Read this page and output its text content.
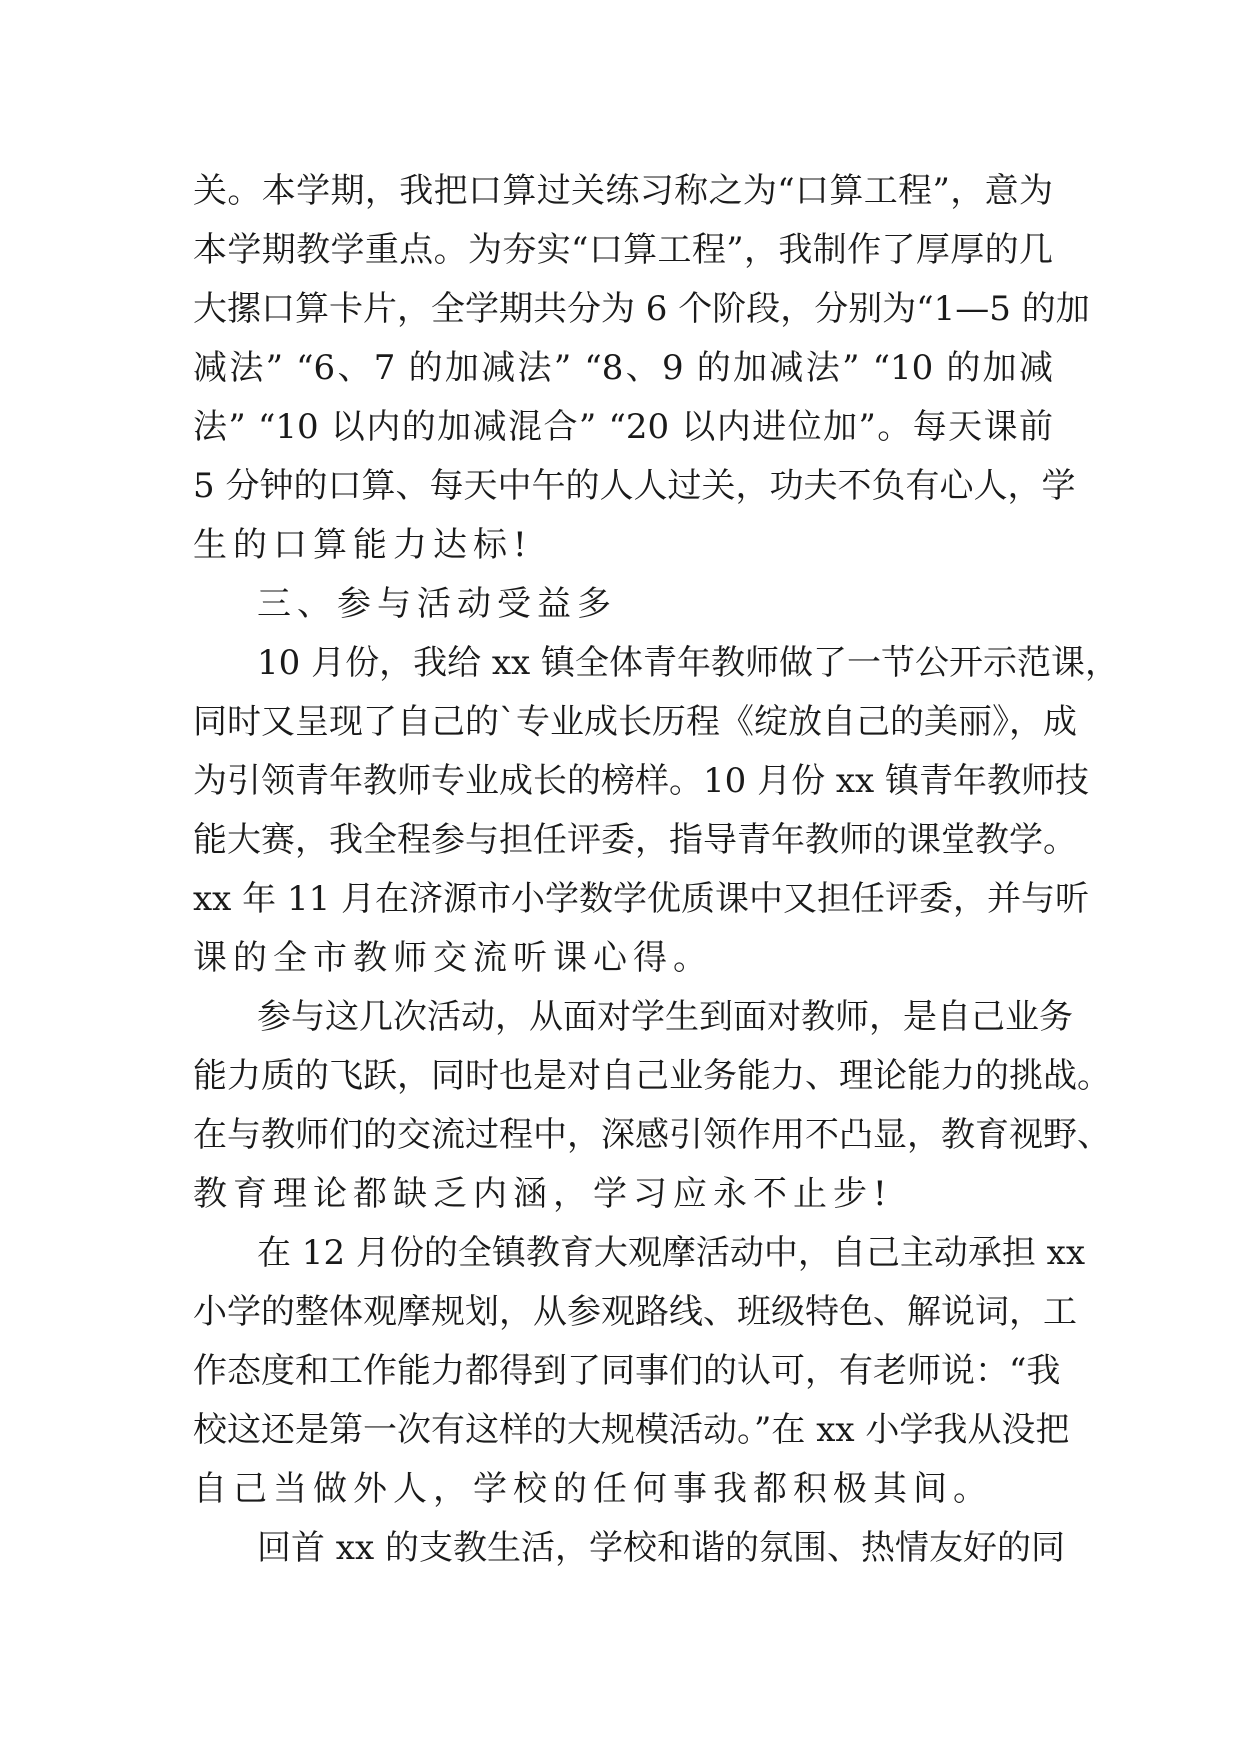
关。本学期，我把口算过关练习称之为“口算工程”，意为
本学期教学重点。为夯实“口算工程”，我制作了厚厚的几
大摞口算卡片，全学期共分为 6 个阶段，分别为“1—5 的加
减法” “6、7 的加减法” “8、9 的加减法” “10 的加减
法” “10 以内的加减混合” “20 以内进位加”。每天课前
5 分钟的口算、每天中午的人人过关，功夫不负有心人，学
生的口算能力达标!
三、参与活动受益多
10 月份，我给 xx 镇全体青年教师做了一节公开示范课，
同时又呈现了自己的`专业成长历程《绽放自己的美丽》，成
为引领青年教师专业成长的榜样。10 月份 xx 镇青年教师技
能大赛，我全程参与担任评委，指导青年教师的课堂教学。
xx 年 11 月在济源市小学数学优质课中又担任评委，并与听
课的全市教师交流听课心得。
参与这几次活动，从面对学生到面对教师，是自己业务
能力质的飞跃，同时也是对自己业务能力、理论能力的挑战。
在与教师们的交流过程中，深感引领作用不凸显，教育视野、
教育理论都缺乏内涵，学习应永不止步!
在 12 月份的全镇教育大观摩活动中，自己主动承担 xx
小学的整体观摩规划，从参观路线、班级特色、解说词，工
作态度和工作能力都得到了同事们的认可，有老师说：“我
校这还是第一次有这样的大规模活动。”在 xx 小学我从没把
自己当做外人，学校的任何事我都积极其间。
回首 xx 的支教生活，学校和谐的氛围、热情友好的同
